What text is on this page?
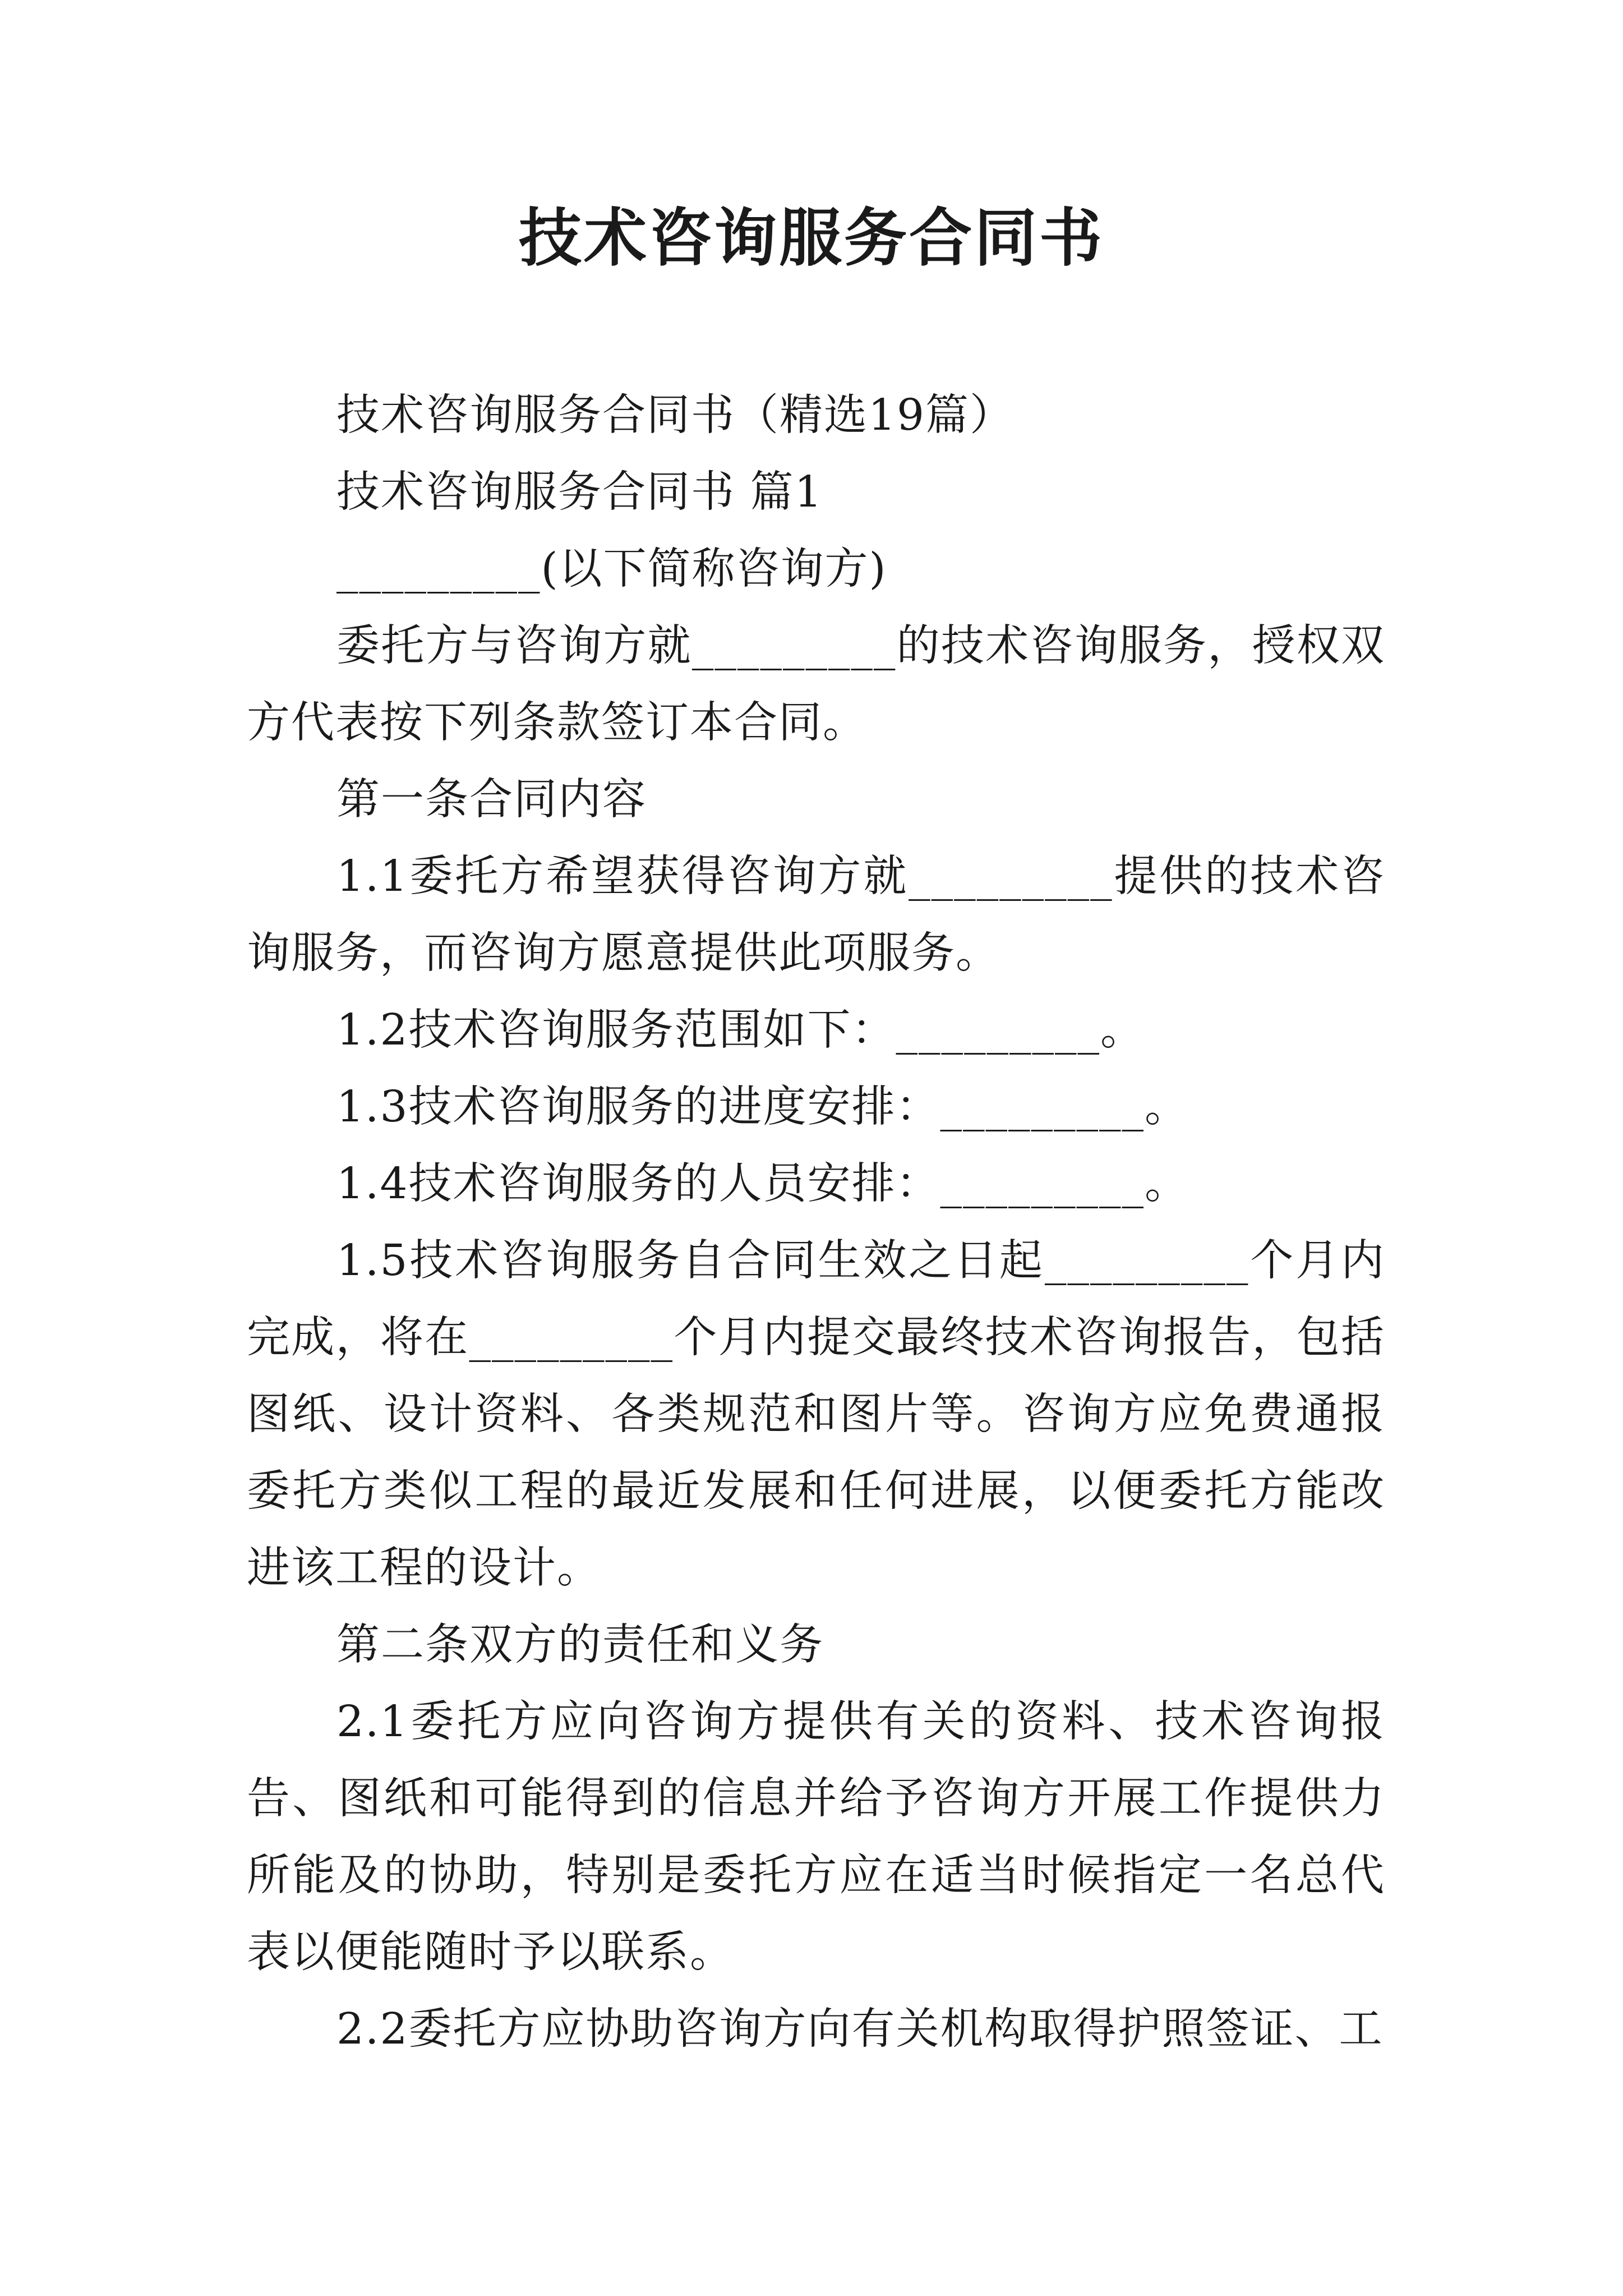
技术咨询服务合同书

技术咨询服务合同书（精选19篇）

技术咨询服务合同书 篇1

_________(以下简称咨询方)

委托方与咨询方就_________的技术咨询服务，授权双方代表按下列条款签订本合同。

第一条合同内容

1.1委托方希望获得咨询方就_________提供的技术咨询服务，而咨询方愿意提供此项服务。

1.2技术咨询服务范围如下：_________。

1.3技术咨询服务的进度安排：_________。

1.4技术咨询服务的人员安排：_________。

1.5技术咨询服务自合同生效之日起_________个月内完成，将在_________个月内提交最终技术咨询报告，包括图纸、设计资料、各类规范和图片等。咨询方应免费通报委托方类似工程的最近发展和任何进展，以便委托方能改进该工程的设计。

第二条双方的责任和义务

2.1委托方应向咨询方提供有关的资料、技术咨询报告、图纸和可能得到的信息并给予咨询方开展工作提供力所能及的协助，特别是委托方应在适当时候指定一名总代表以便能随时予以联系。

2.2委托方应协助咨询方向有关机构取得护照签证、工
